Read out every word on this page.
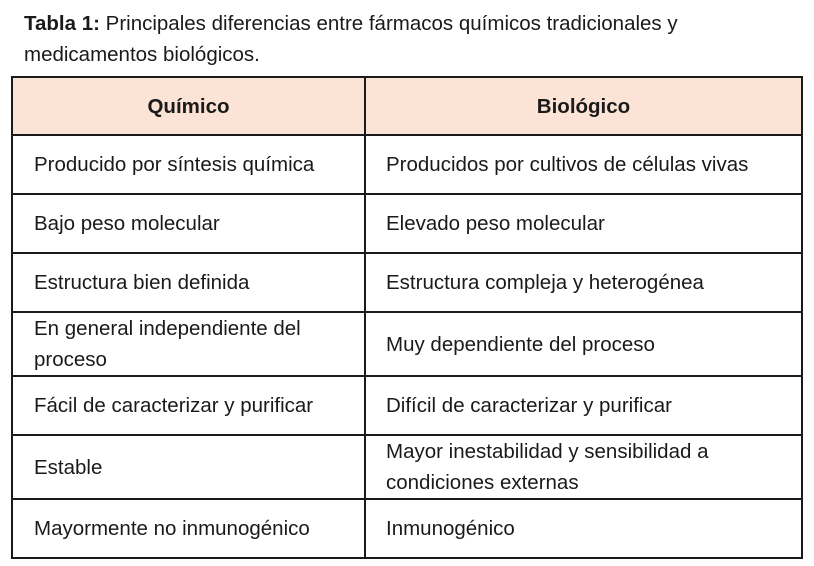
Tabla 1: Principales diferencias entre fármacos químicos tradicionales y medicamentos biológicos.
Químico	Biológico
Producido por síntesis química	Producidos por cultivos de células vivas
Bajo peso molecular	Elevado peso molecular
Estructura bien definida	Estructura compleja y heterogénea
En general independiente del proceso	Muy dependiente del proceso
Fácil de caracterizar y purificar	Difícil de caracterizar y purificar
Estable	Mayor inestabilidad y sensibilidad a condiciones externas
Mayormente no inmunogénico	Inmunogénico
